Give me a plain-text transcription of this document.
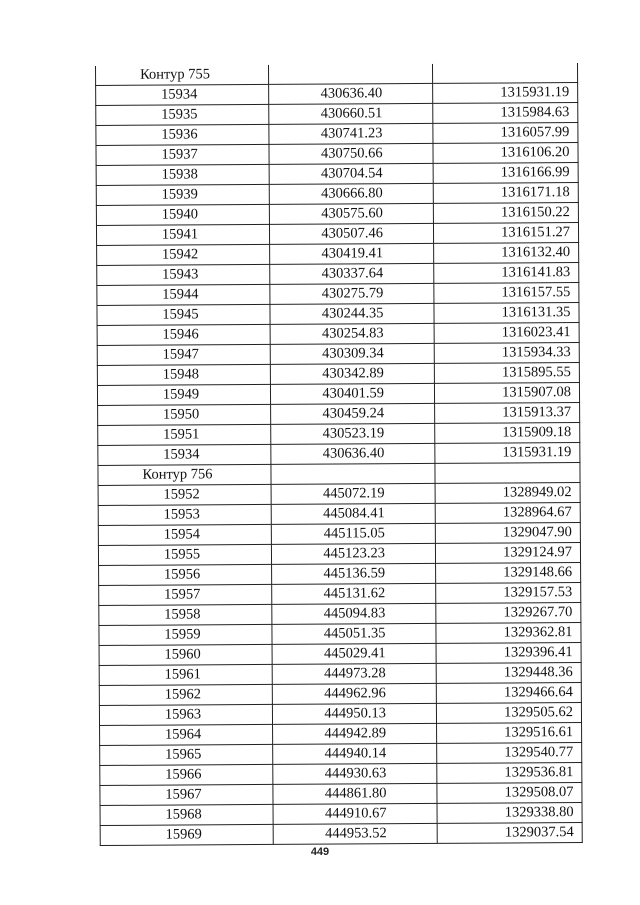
Контур 755		
15934	430636.40	1315931.19
15935	430660.51	1315984.63
15936	430741.23	1316057.99
15937	430750.66	1316106.20
15938	430704.54	1316166.99
15939	430666.80	1316171.18
15940	430575.60	1316150.22
15941	430507.46	1316151.27
15942	430419.41	1316132.40
15943	430337.64	1316141.83
15944	430275.79	1316157.55
15945	430244.35	1316131.35
15946	430254.83	1316023.41
15947	430309.34	1315934.33
15948	430342.89	1315895.55
15949	430401.59	1315907.08
15950	430459.24	1315913.37
15951	430523.19	1315909.18
15934	430636.40	1315931.19
Контур 756		
15952	445072.19	1328949.02
15953	445084.41	1328964.67
15954	445115.05	1329047.90
15955	445123.23	1329124.97
15956	445136.59	1329148.66
15957	445131.62	1329157.53
15958	445094.83	1329267.70
15959	445051.35	1329362.81
15960	445029.41	1329396.41
15961	444973.28	1329448.36
15962	444962.96	1329466.64
15963	444950.13	1329505.62
15964	444942.89	1329516.61
15965	444940.14	1329540.77
15966	444930.63	1329536.81
15967	444861.80	1329508.07
15968	444910.67	1329338.80
15969	444953.52	1329037.54
449
